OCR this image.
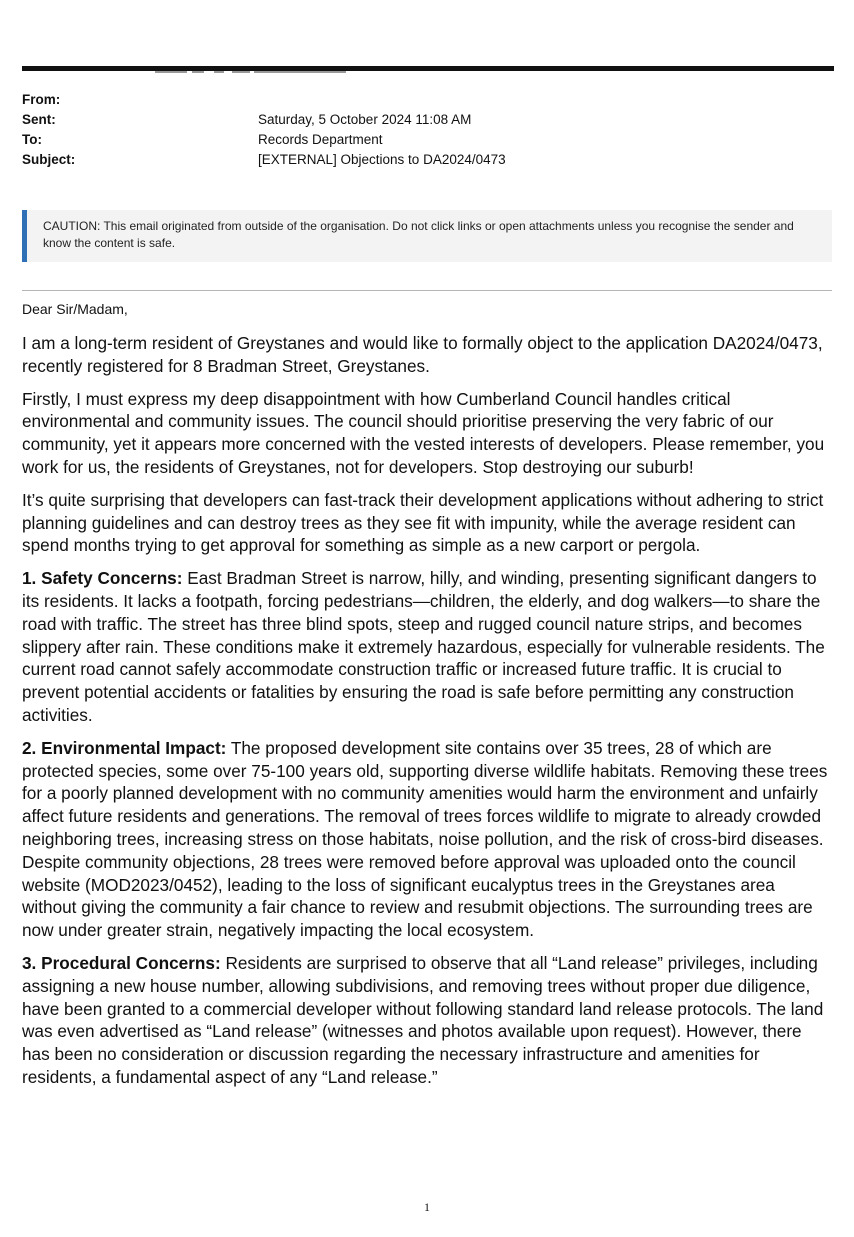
From:
Sent:	Saturday, 5 October 2024 11:08 AM
To:	Records Department
Subject:	[EXTERNAL] Objections to DA2024/0473
CAUTION: This email originated from outside of the organisation. Do not click links or open attachments unless you recognise the sender and know the content is safe.
Dear Sir/Madam,

I am a long-term resident of Greystanes and would like to formally object to the application DA2024/0473, recently registered for 8 Bradman Street, Greystanes.

Firstly, I must express my deep disappointment with how Cumberland Council handles critical environmental and community issues. The council should prioritise preserving the very fabric of our community, yet it appears more concerned with the vested interests of developers. Please remember, you work for us, the residents of Greystanes, not for developers. Stop destroying our suburb!

It’s quite surprising that developers can fast-track their development applications without adhering to strict planning guidelines and can destroy trees as they see fit with impunity, while the average resident can spend months trying to get approval for something as simple as a new carport or pergola.

1. Safety Concerns: East Bradman Street is narrow, hilly, and winding, presenting significant dangers to its residents. It lacks a footpath, forcing pedestrians—children, the elderly, and dog walkers—to share the road with traffic. The street has three blind spots, steep and rugged council nature strips, and becomes slippery after rain. These conditions make it extremely hazardous, especially for vulnerable residents. The current road cannot safely accommodate construction traffic or increased future traffic. It is crucial to prevent potential accidents or fatalities by ensuring the road is safe before permitting any construction activities.

2. Environmental Impact: The proposed development site contains over 35 trees, 28 of which are protected species, some over 75-100 years old, supporting diverse wildlife habitats. Removing these trees for a poorly planned development with no community amenities would harm the environment and unfairly affect future residents and generations. The removal of trees forces wildlife to migrate to already crowded neighboring trees, increasing stress on those habitats, noise pollution, and the risk of cross-bird diseases. Despite community objections, 28 trees were removed before approval was uploaded onto the council website (MOD2023/0452), leading to the loss of significant eucalyptus trees in the Greystanes area without giving the community a fair chance to review and resubmit objections. The surrounding trees are now under greater strain, negatively impacting the local ecosystem.

3. Procedural Concerns: Residents are surprised to observe that all “Land release” privileges, including assigning a new house number, allowing subdivisions, and removing trees without proper due diligence, have been granted to a commercial developer without following standard land release protocols. The land was even advertised as “Land release” (witnesses and photos available upon request). However, there has been no consideration or discussion regarding the necessary infrastructure and amenities for residents, a fundamental aspect of any “Land release.”

1
